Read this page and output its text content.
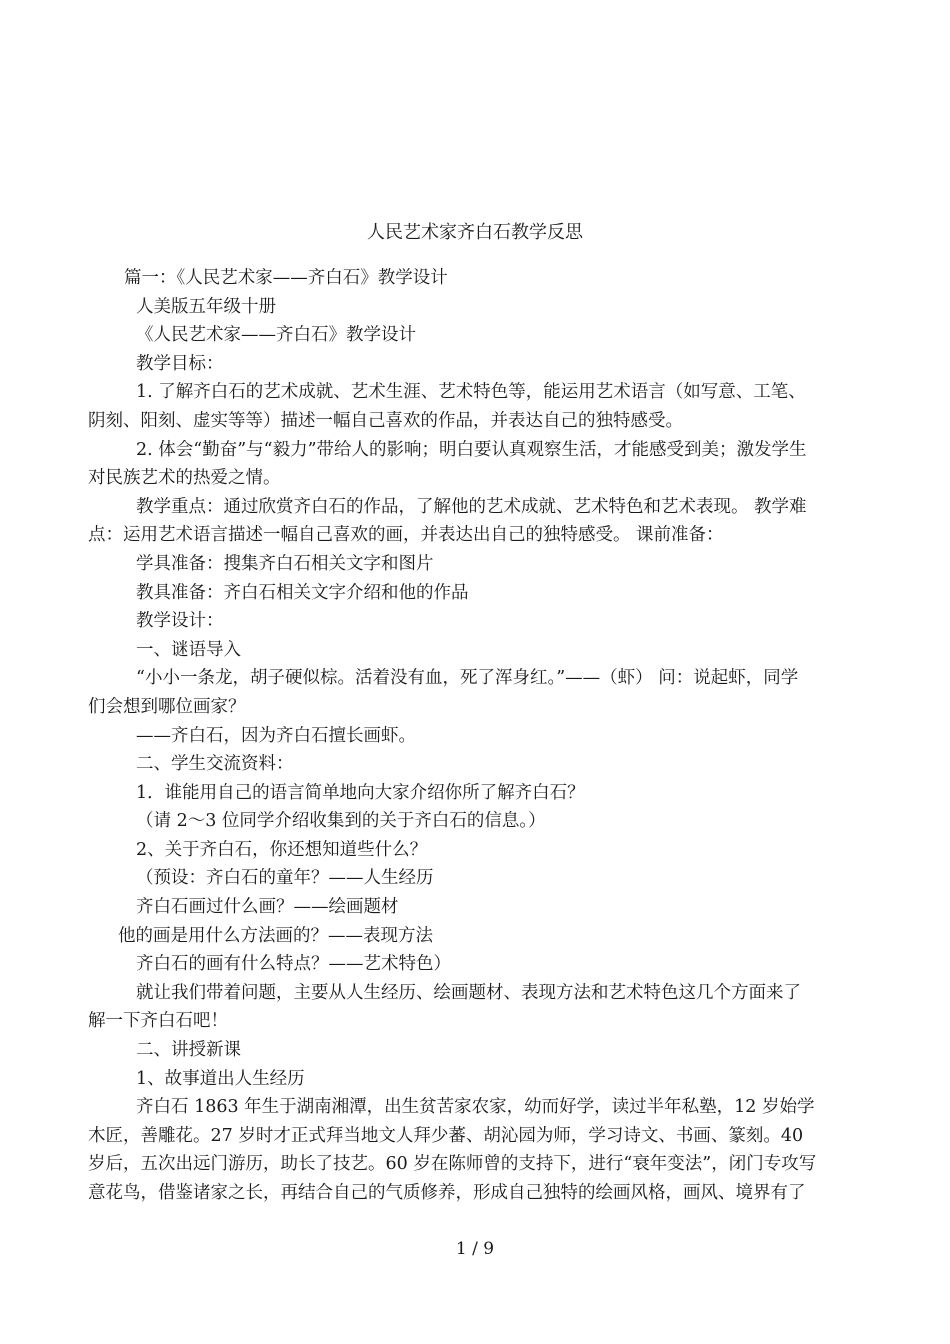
人民艺术家齐白石教学反思
篇一：《人民艺术家——齐白石》教学设计
人美版五年级十册
《人民艺术家——齐白石》教学设计
教学目标：
1. 了解齐白石的艺术成就、艺术生涯、艺术特色等，能运用艺术语言（如写意、工笔、
阴刻、阳刻、虚实等等）描述一幅自己喜欢的作品，并表达自己的独特感受。
2. 体会“勤奋”与“毅力”带给人的影响；明白要认真观察生活，才能感受到美；激发学生
对民族艺术的热爱之情。
教学重点：通过欣赏齐白石的作品，了解他的艺术成就、艺术特色和艺术表现。 教学难
点：运用艺术语言描述一幅自己喜欢的画，并表达出自己的独特感受。 课前准备：
学具准备：搜集齐白石相关文字和图片
教具准备：齐白石相关文字介绍和他的作品
教学设计：
一、谜语导入
“小小一条龙，胡子硬似棕。活着没有血，死了浑身红。”——（虾） 问：说起虾，同学
们会想到哪位画家？
——齐白石，因为齐白石擅长画虾。
二、学生交流资料：
1．谁能用自己的语言简单地向大家介绍你所了解齐白石？
（请 2～3 位同学介绍收集到的关于齐白石的信息。）
2、关于齐白石，你还想知道些什么？
（预设：齐白石的童年？——人生经历
齐白石画过什么画？——绘画题材
他的画是用什么方法画的？——表现方法
齐白石的画有什么特点？——艺术特色）
就让我们带着问题，主要从人生经历、绘画题材、表现方法和艺术特色这几个方面来了
解一下齐白石吧！
二、讲授新课
1、故事道出人生经历
齐白石 1863 年生于湖南湘潭，出生贫苦家农家，幼而好学，读过半年私塾，12 岁始学
木匠，善雕花。27 岁时才正式拜当地文人拜少蕃、胡沁园为师，学习诗文、书画、篆刻。40
岁后，五次出远门游历，助长了技艺。60 岁在陈师曾的支持下，进行“衰年变法”，闭门专攻写
意花鸟，借鉴诸家之长，再结合自己的气质修养，形成自己独特的绘画风格，画风、境界有了
1 / 9
